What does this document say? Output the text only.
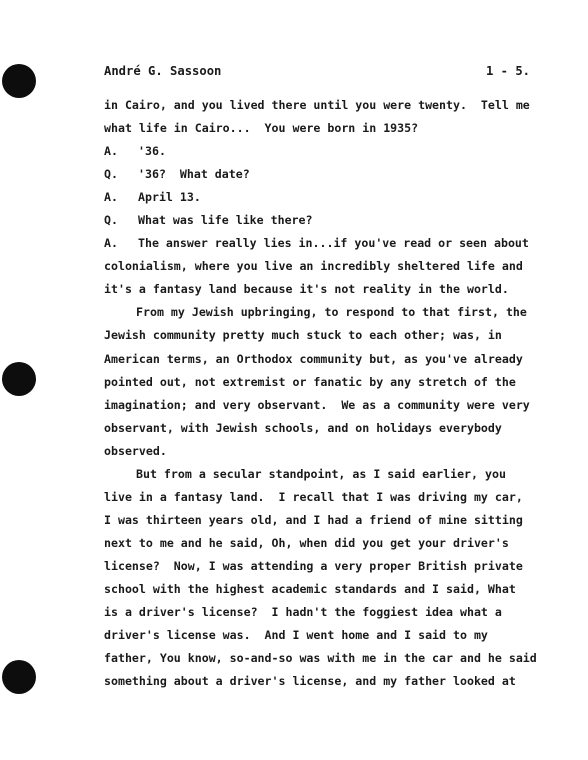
André G. Sassoon	1 - 5.
in Cairo, and you lived there until you were twenty.  Tell me
what life in Cairo...  You were born in 1935?
A. '36.
Q. '36?  What date?
A. April 13.
Q. What was life like there?
A. The answer really lies in...if you've read or seen about
colonialism, where you live an incredibly sheltered life and
it's a fantasy land because it's not reality in the world.
From my Jewish upbringing, to respond to that first, the
Jewish community pretty much stuck to each other; was, in
American terms, an Orthodox community but, as you've already
pointed out, not extremist or fanatic by any stretch of the
imagination; and very observant.  We as a community were very
observant, with Jewish schools, and on holidays everybody
observed.
But from a secular standpoint, as I said earlier, you
live in a fantasy land.  I recall that I was driving my car,
I was thirteen years old, and I had a friend of mine sitting
next to me and he said, Oh, when did you get your driver's
license?  Now, I was attending a very proper British private
school with the highest academic standards and I said, What
is a driver's license?  I hadn't the foggiest idea what a
driver's license was.  And I went home and I said to my
father, You know, so-and-so was with me in the car and he said
something about a driver's license, and my father looked at
